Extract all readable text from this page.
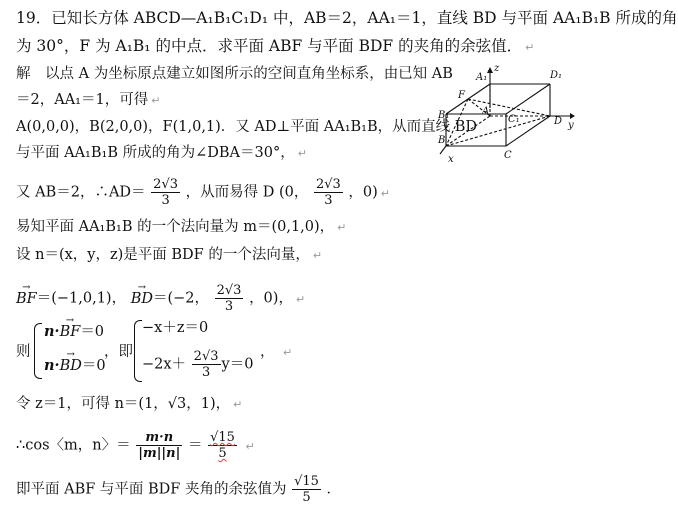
19．已知长方体 ABCD—A₁B₁C₁D₁ 中，AB＝2，AA₁＝1，直线 BD 与平面 AA₁B₁B 所成的角
为 30°，F 为 A₁B₁ 的中点．求平面 ABF 与平面 BDF 的夹角的余弦值． ↵
解　以点 A 为坐标原点建立如图所示的空间直角坐标系，由已知 AB
＝2，AA₁＝1，可得 ↵
A(0,0,0)，B(2,0,0)，F(1,0,1)．又 AD⊥平面 AA₁B₁B，从而直线 BD
与平面 AA₁B₁B 所成的角为∠DBA＝30°， ↵
又 AB＝2，∴AD＝ $\frac{2√3}{3}$ ，从而易得 D (0， $\frac{2√3}{3}$ ，0) ↵
易知平面 AA₁B₁B 的一个法向量为 m＝(0,1,0)， ↵
设 n＝(x，y，z)是平面 BDF 的一个法向量， ↵
→ BF＝(−1,0,1)， → BD＝(−2， $\frac{2√3}{3}$ ，0)， ↵
则
n·→ BF＝0
n·→ BD＝0
，即
−x＋z＝0
$-2x+ \frac{2√3}{3} y=0$
， ↵
令 z＝1，可得 n＝(1，√3，1)， ↵
∴cos〈m，n〉＝ $\frac{m\cdot n}{|m||n|} = \frac{√15}{5}$ ↵
即平面 ABF 与平面 BDF 夹角的余弦值为 $\frac{√15}{5}$ ．
A₁
z
D₁
F
B₁	C₁
A
D y
B
C
x
